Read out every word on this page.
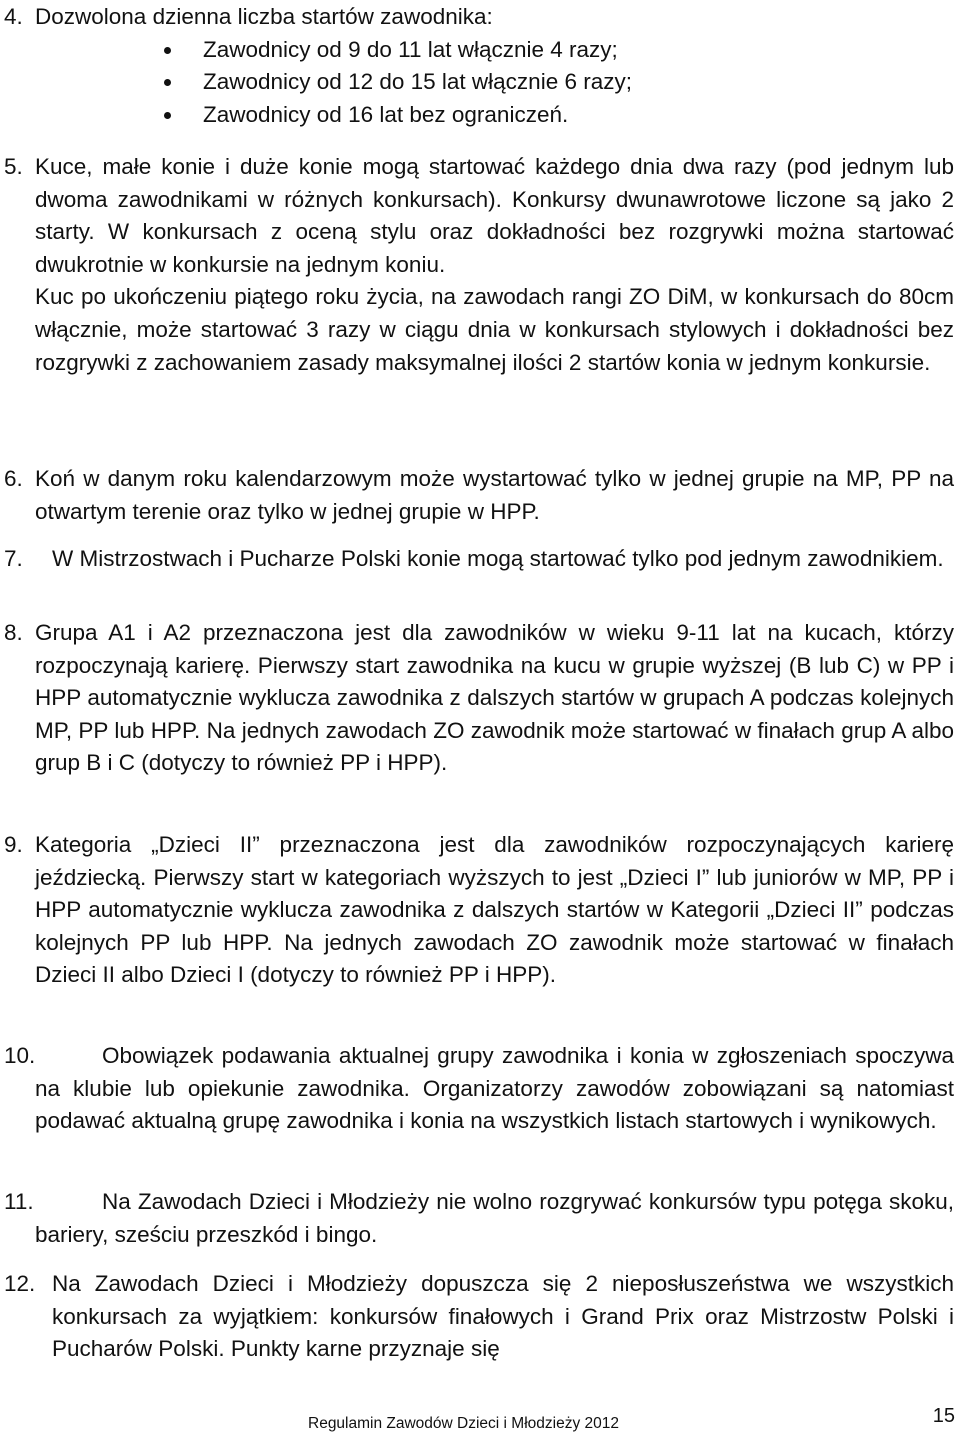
4. Dozwolona dzienna liczba startów zawodnika:

Zawodnicy od 9 do 11 lat włącznie 4 razy;
Zawodnicy od 12 do 15 lat włącznie 6 razy;
Zawodnicy od 16 lat bez ograniczeń.
5. Kuce, małe konie i duże konie mogą startować każdego dnia dwa razy (pod jednym lub dwoma zawodnikami w różnych konkursach). Konkursy dwunawrotowe liczone są jako 2 starty. W konkursach z oceną stylu oraz dokładności bez rozgrywki można startować dwukrotnie w konkursie na jednym koniu.

Kuc po ukończeniu piątego roku życia, na zawodach rangi ZO DiM, w konkursach do 80cm włącznie, może startować 3 razy w ciągu dnia w konkursach stylowych i dokładności bez rozgrywki z zachowaniem zasady maksymalnej ilości 2 startów konia w jednym konkursie.

6. Koń w danym roku kalendarzowym może wystartować tylko w jednej grupie na MP, PP na otwartym terenie oraz tylko w jednej grupie w HPP.

7. W Mistrzostwach i Pucharze Polski konie mogą startować tylko pod jednym zawodnikiem.

8. Grupa A1 i A2 przeznaczona jest dla zawodników w wieku 9-11 lat na kucach, którzy rozpoczynają karierę. Pierwszy start zawodnika na kucu w grupie wyższej (B lub C) w PP i HPP automatycznie wyklucza zawodnika z dalszych startów w grupach A podczas kolejnych MP, PP lub HPP. Na jednych zawodach ZO zawodnik może startować w finałach grup A albo grup B i C (dotyczy to również PP i HPP).

9. Kategoria „Dzieci II” przeznaczona jest dla zawodników rozpoczynających karierę jeździecką. Pierwszy start w kategoriach wyższych to jest „Dzieci I” lub juniorów w MP, PP i HPP automatycznie wyklucza zawodnika z dalszych startów w Kategorii „Dzieci II” podczas kolejnych PP lub HPP. Na jednych zawodach ZO zawodnik może startować w finałach Dzieci II albo Dzieci I (dotyczy to również PP i HPP).

10.	Obowiązek podawania aktualnej grupy zawodnika i konia w zgłoszeniach spoczywa na klubie lub opiekunie zawodnika. Organizatorzy zawodów zobowiązani są natomiast podawać aktualną grupę zawodnika i konia na wszystkich listach startowych i wynikowych.

11.	Na Zawodach Dzieci i Młodzieży nie wolno rozgrywać konkursów typu potęga skoku, bariery, sześciu przeszkód i bingo.

12. Na Zawodach Dzieci i Młodzieży dopuszcza się 2 nieposłuszeństwa we wszystkich konkursach za wyjątkiem: konkursów finałowych i Grand Prix oraz Mistrzostw Polski i Pucharów Polski. Punkty karne przyznaje się

Regulamin Zawodów Dzieci i Młodzieży 2012	15
